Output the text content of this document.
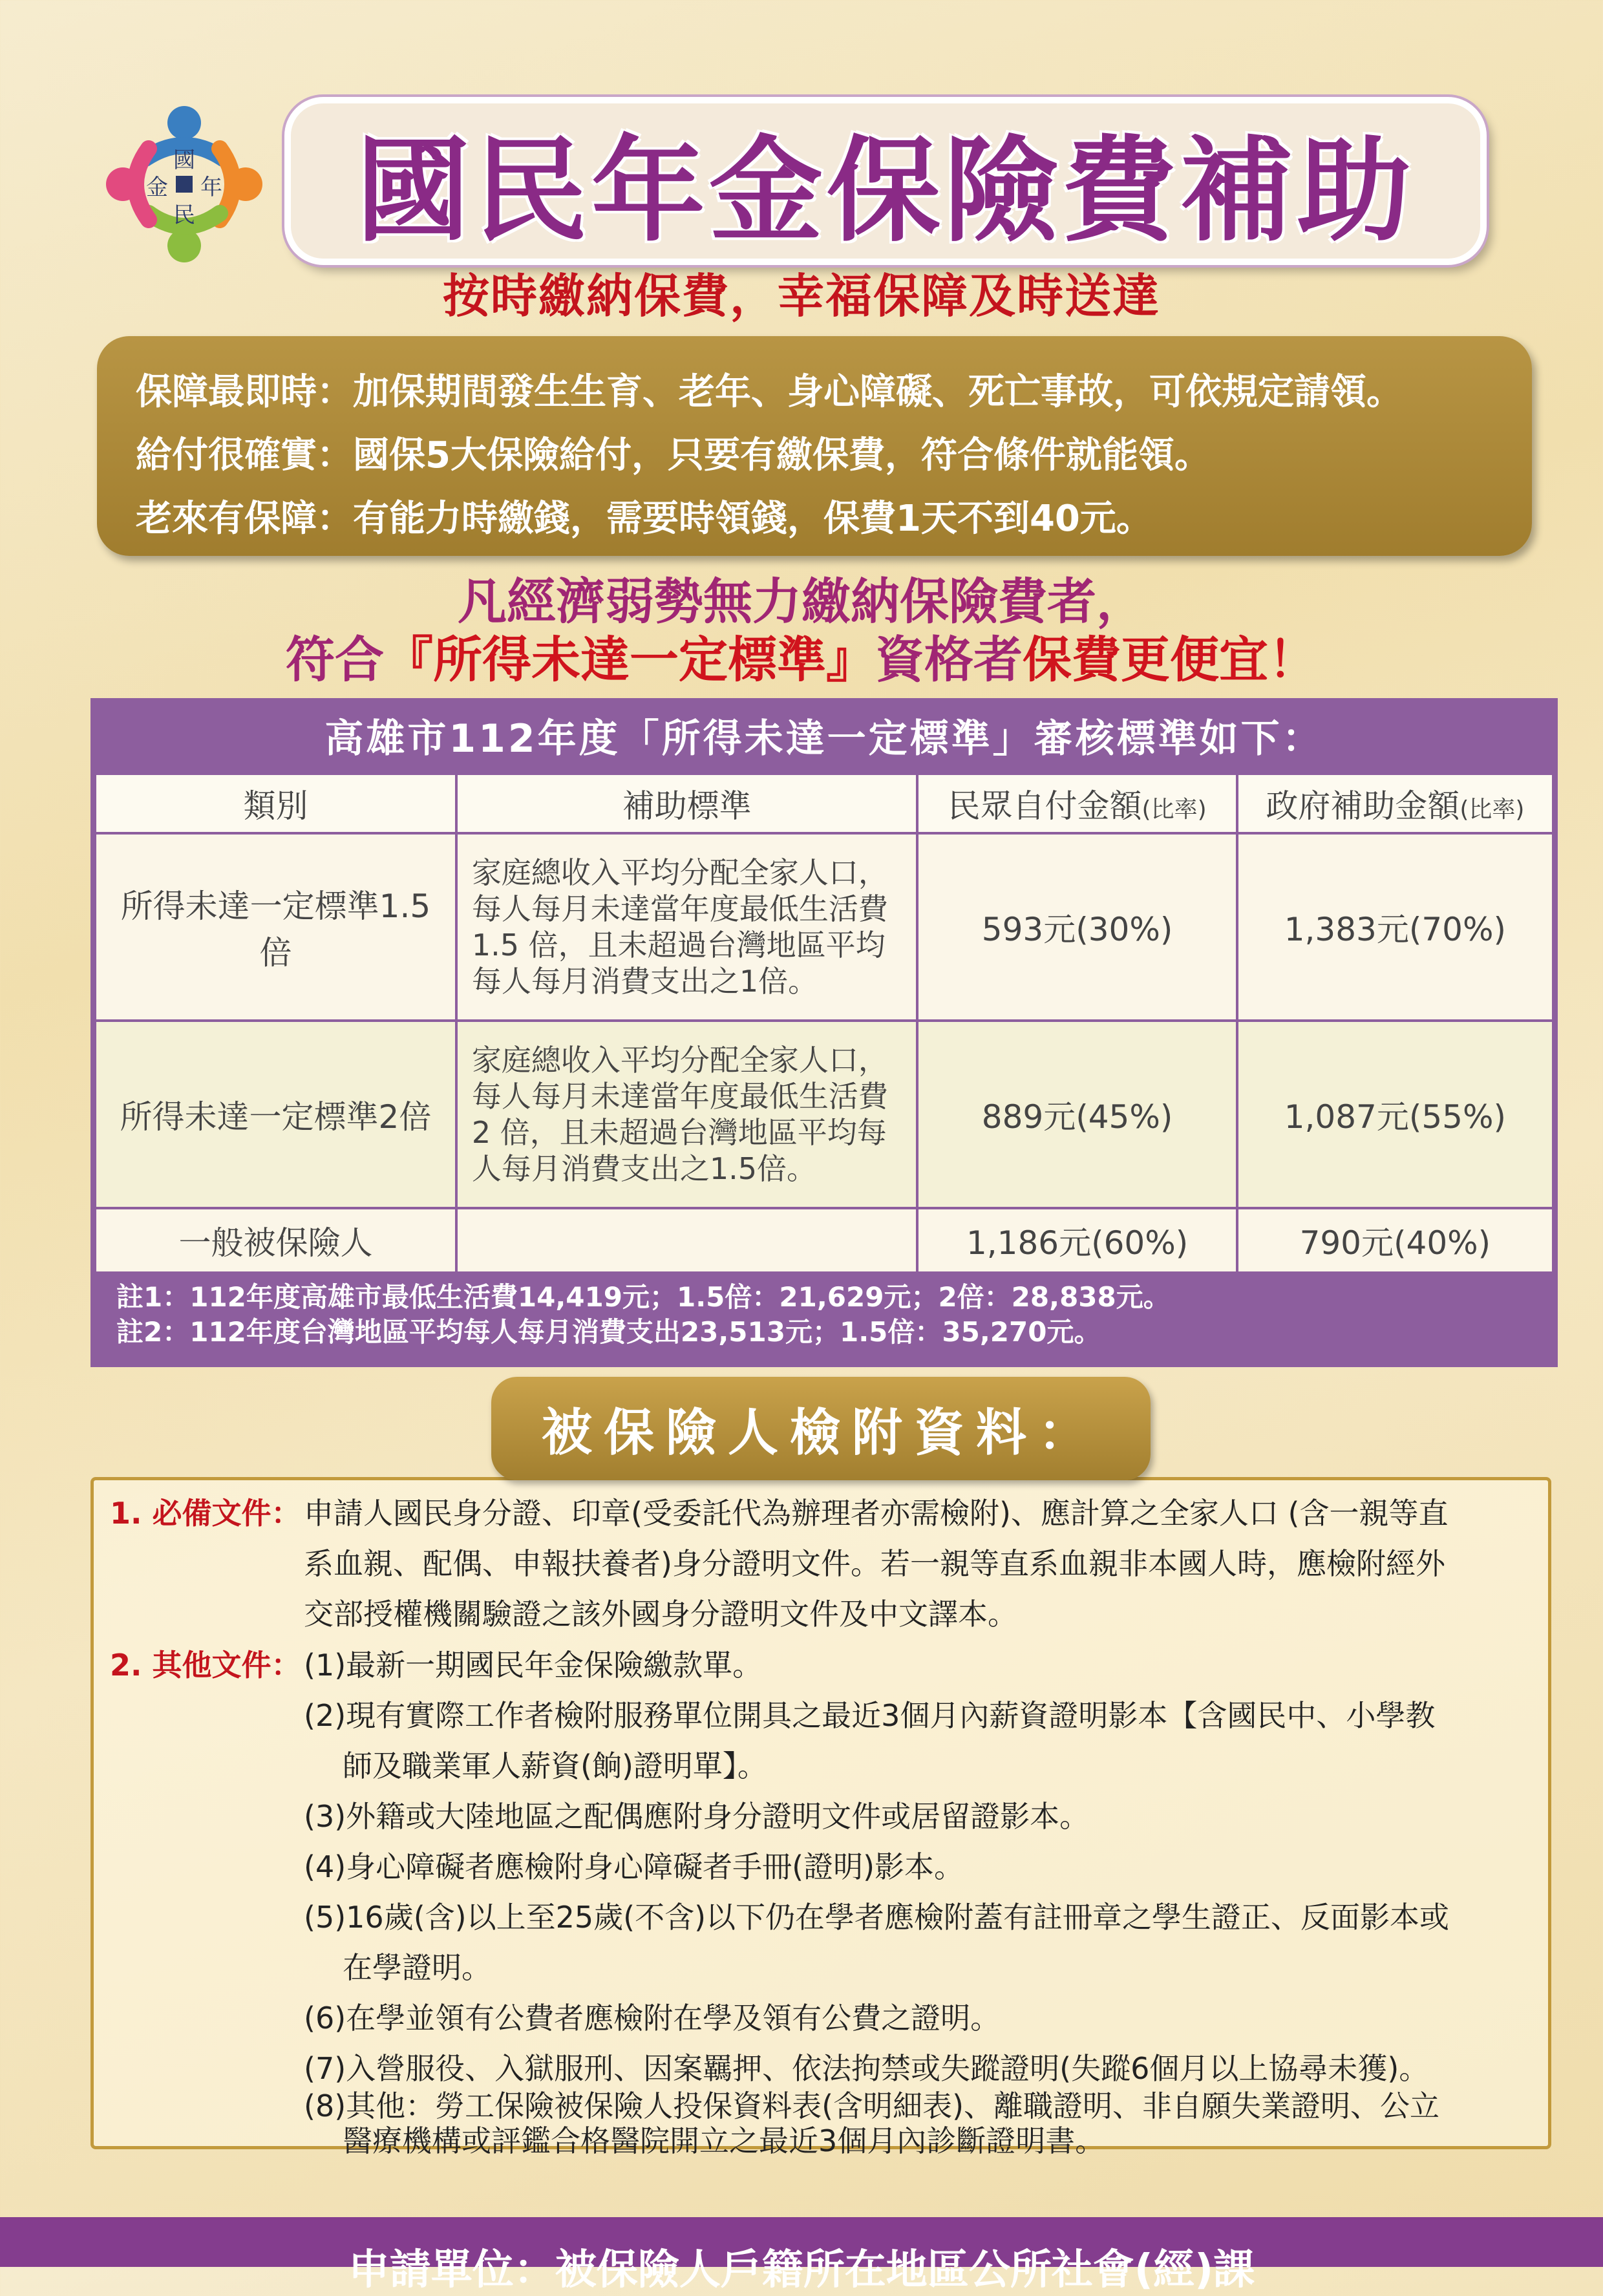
國
年
民
金	國民年金保險費補助
按時繳納保費，幸福保障及時送達
保障最即時：加保期間發生生育、老年、身心障礙、死亡事故，可依規定請領。
給付很確實：國保5大保險給付，只要有繳保費，符合條件就能領。
老來有保障：有能力時繳錢，需要時領錢，保費1天不到40元。
凡經濟弱勢無力繳納保險費者，
符合『所得未達一定標準』資格者保費更便宜！
高雄市112年度「所得未達一定標準」審核標準如下：
類別	補助標準	民眾自付金額(比率)	政府補助金額(比率)
所得未達一定標準1.5倍	家庭總收入平均分配全家人口，
每人每月未達當年度最低生活費
1.5 倍，且未超過台灣地區平均
每人每月消費支出之1倍。	593元(30%)	1,383元(70%)
所得未達一定標準2倍	家庭總收入平均分配全家人口，
每人每月未達當年度最低生活費
2 倍，且未超過台灣地區平均每
人每月消費支出之1.5倍。	889元(45%)	1,087元(55%)
一般被保險人		1,186元(60%)	790元(40%)
註1：112年度高雄市最低生活費14,419元；1.5倍：21,629元；2倍：28,838元。
註2：112年度台灣地區平均每人每月消費支出23,513元；1.5倍：35,270元。
被保險人檢附資料：
1. 必備文件： 申請人國民身分證、印章(受委託代為辦理者亦需檢附)、應計算之全家人口 (含一親等直
系血親、配偶、申報扶養者)身分證明文件。若一親等直系血親非本國人時，應檢附經外
交部授權機關驗證之該外國身分證明文件及中文譯本。
2. 其他文件： (1)最新一期國民年金保險繳款單。
(2)現有實際工作者檢附服務單位開具之最近3個月內薪資證明影本【含國民中、小學教
師及職業軍人薪資(餉)證明單】。
(3)外籍或大陸地區之配偶應附身分證明文件或居留證影本。
(4)身心障礙者應檢附身心障礙者手冊(證明)影本。
(5)16歲(含)以上至25歲(不含)以下仍在學者應檢附蓋有註冊章之學生證正、反面影本或
在學證明。
(6)在學並領有公費者應檢附在學及領有公費之證明。
(7)入營服役、入獄服刑、因案羈押、依法拘禁或失蹤證明(失蹤6個月以上協尋未獲)。
(8)其他：勞工保險被保險人投保資料表(含明細表)、離職證明、非自願失業證明、公立
醫療機構或評鑑合格醫院開立之最近3個月內診斷證明書。
申請單位：被保險人戶籍所在地區公所社會(經)課
